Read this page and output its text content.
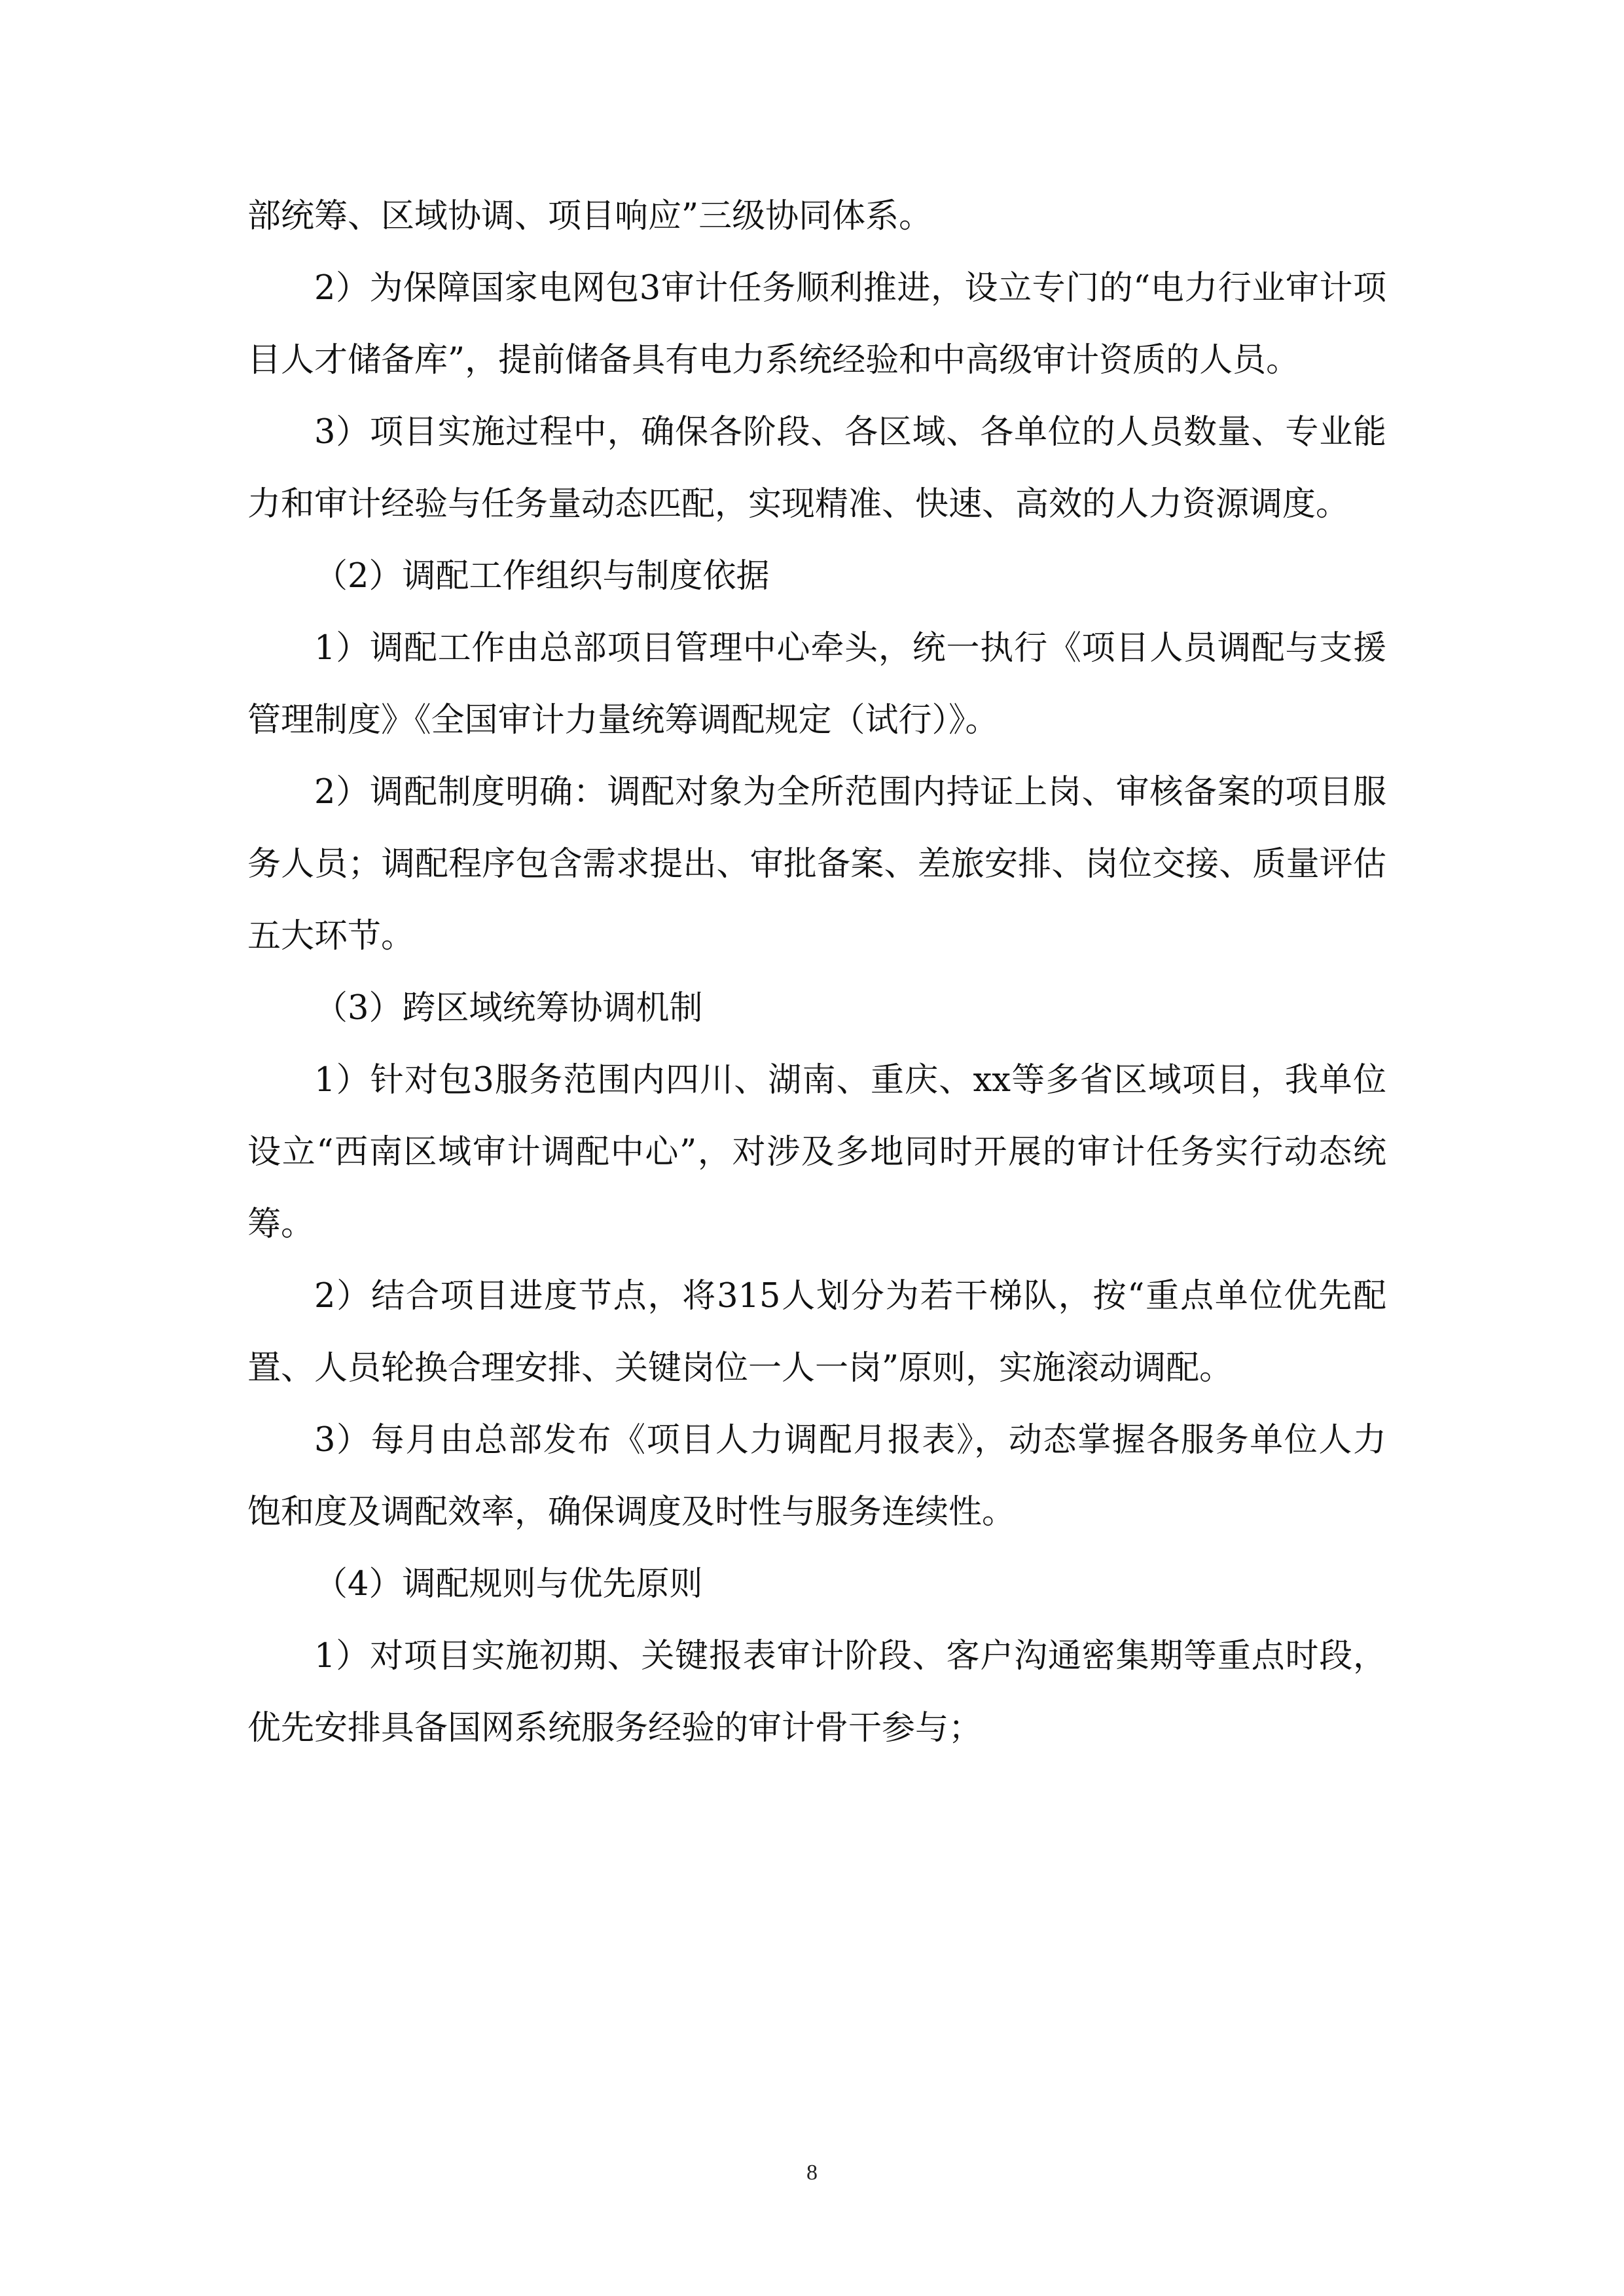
部统筹、区域协调、项目响应”三级协同体系。

2）为保障国家电网包3审计任务顺利推进，设立专门的“电力行业审计项目人才储备库”，提前储备具有电力系统经验和中高级审计资质的人员。

3）项目实施过程中，确保各阶段、各区域、各单位的人员数量、专业能力和审计经验与任务量动态匹配，实现精准、快速、高效的人力资源调度。

（2）调配工作组织与制度依据

1）调配工作由总部项目管理中心牵头，统一执行《项目人员调配与支援管理制度》《全国审计力量统筹调配规定（试行）》。

2）调配制度明确：调配对象为全所范围内持证上岗、审核备案的项目服务人员；调配程序包含需求提出、审批备案、差旅安排、岗位交接、质量评估五大环节。

（3）跨区域统筹协调机制

1）针对包3服务范围内四川、湖南、重庆、xx等多省区域项目，我单位设立“西南区域审计调配中心”，对涉及多地同时开展的审计任务实行动态统筹。

2）结合项目进度节点，将315人划分为若干梯队，按“重点单位优先配置、人员轮换合理安排、关键岗位一人一岗”原则，实施滚动调配。

3）每月由总部发布《项目人力调配月报表》，动态掌握各服务单位人力饱和度及调配效率，确保调度及时性与服务连续性。

（4）调配规则与优先原则

1）对项目实施初期、关键报表审计阶段、客户沟通密集期等重点时段，优先安排具备国网系统服务经验的审计骨干参与；

8
